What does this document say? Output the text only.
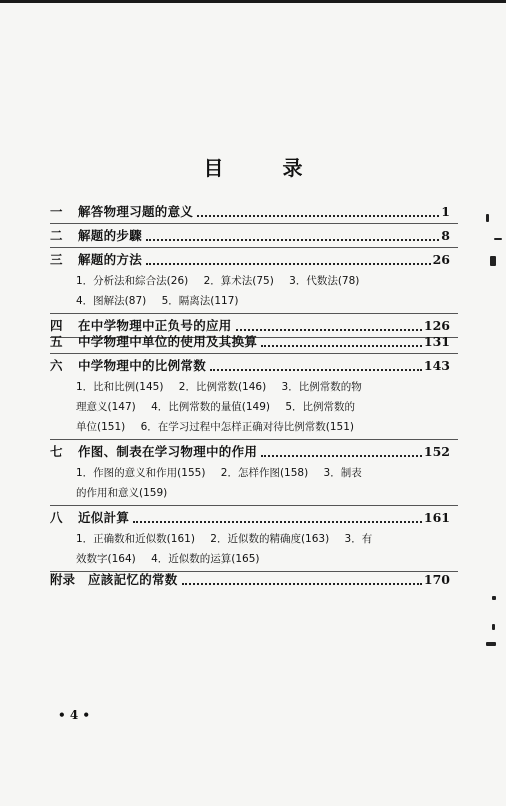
目 录
一	解答物理习题的意义	1
二	解题的步驟	8
三	解题的方法	26
1．分析法和綜合法(26) 2．算术法(75) 3．代数法(78)
4．图解法(87) 5．隔离法(117)
四	在中学物理中正负号的应用	126
五	中学物理中单位的使用及其换算	131
六	中学物理中的比例常数	143
1．比和比例(145) 2．比例常数(146) 3．比例常数的物
理意义(147) 4．比例常数的量值(149) 5．比例常数的
单位(151) 6．在学习过程中怎样正确对待比例常数(151)
七	作图、制表在学习物理中的作用	152
1．作图的意义和作用(155) 2．怎样作图(158) 3．制表
的作用和意义(159)
八	近似計算	161
1．正确数和近似数(161) 2．近似数的精确度(163) 3．有
效数字(164) 4．近似数的运算(165)
附录	应該記忆的常数	170
• 4 •
